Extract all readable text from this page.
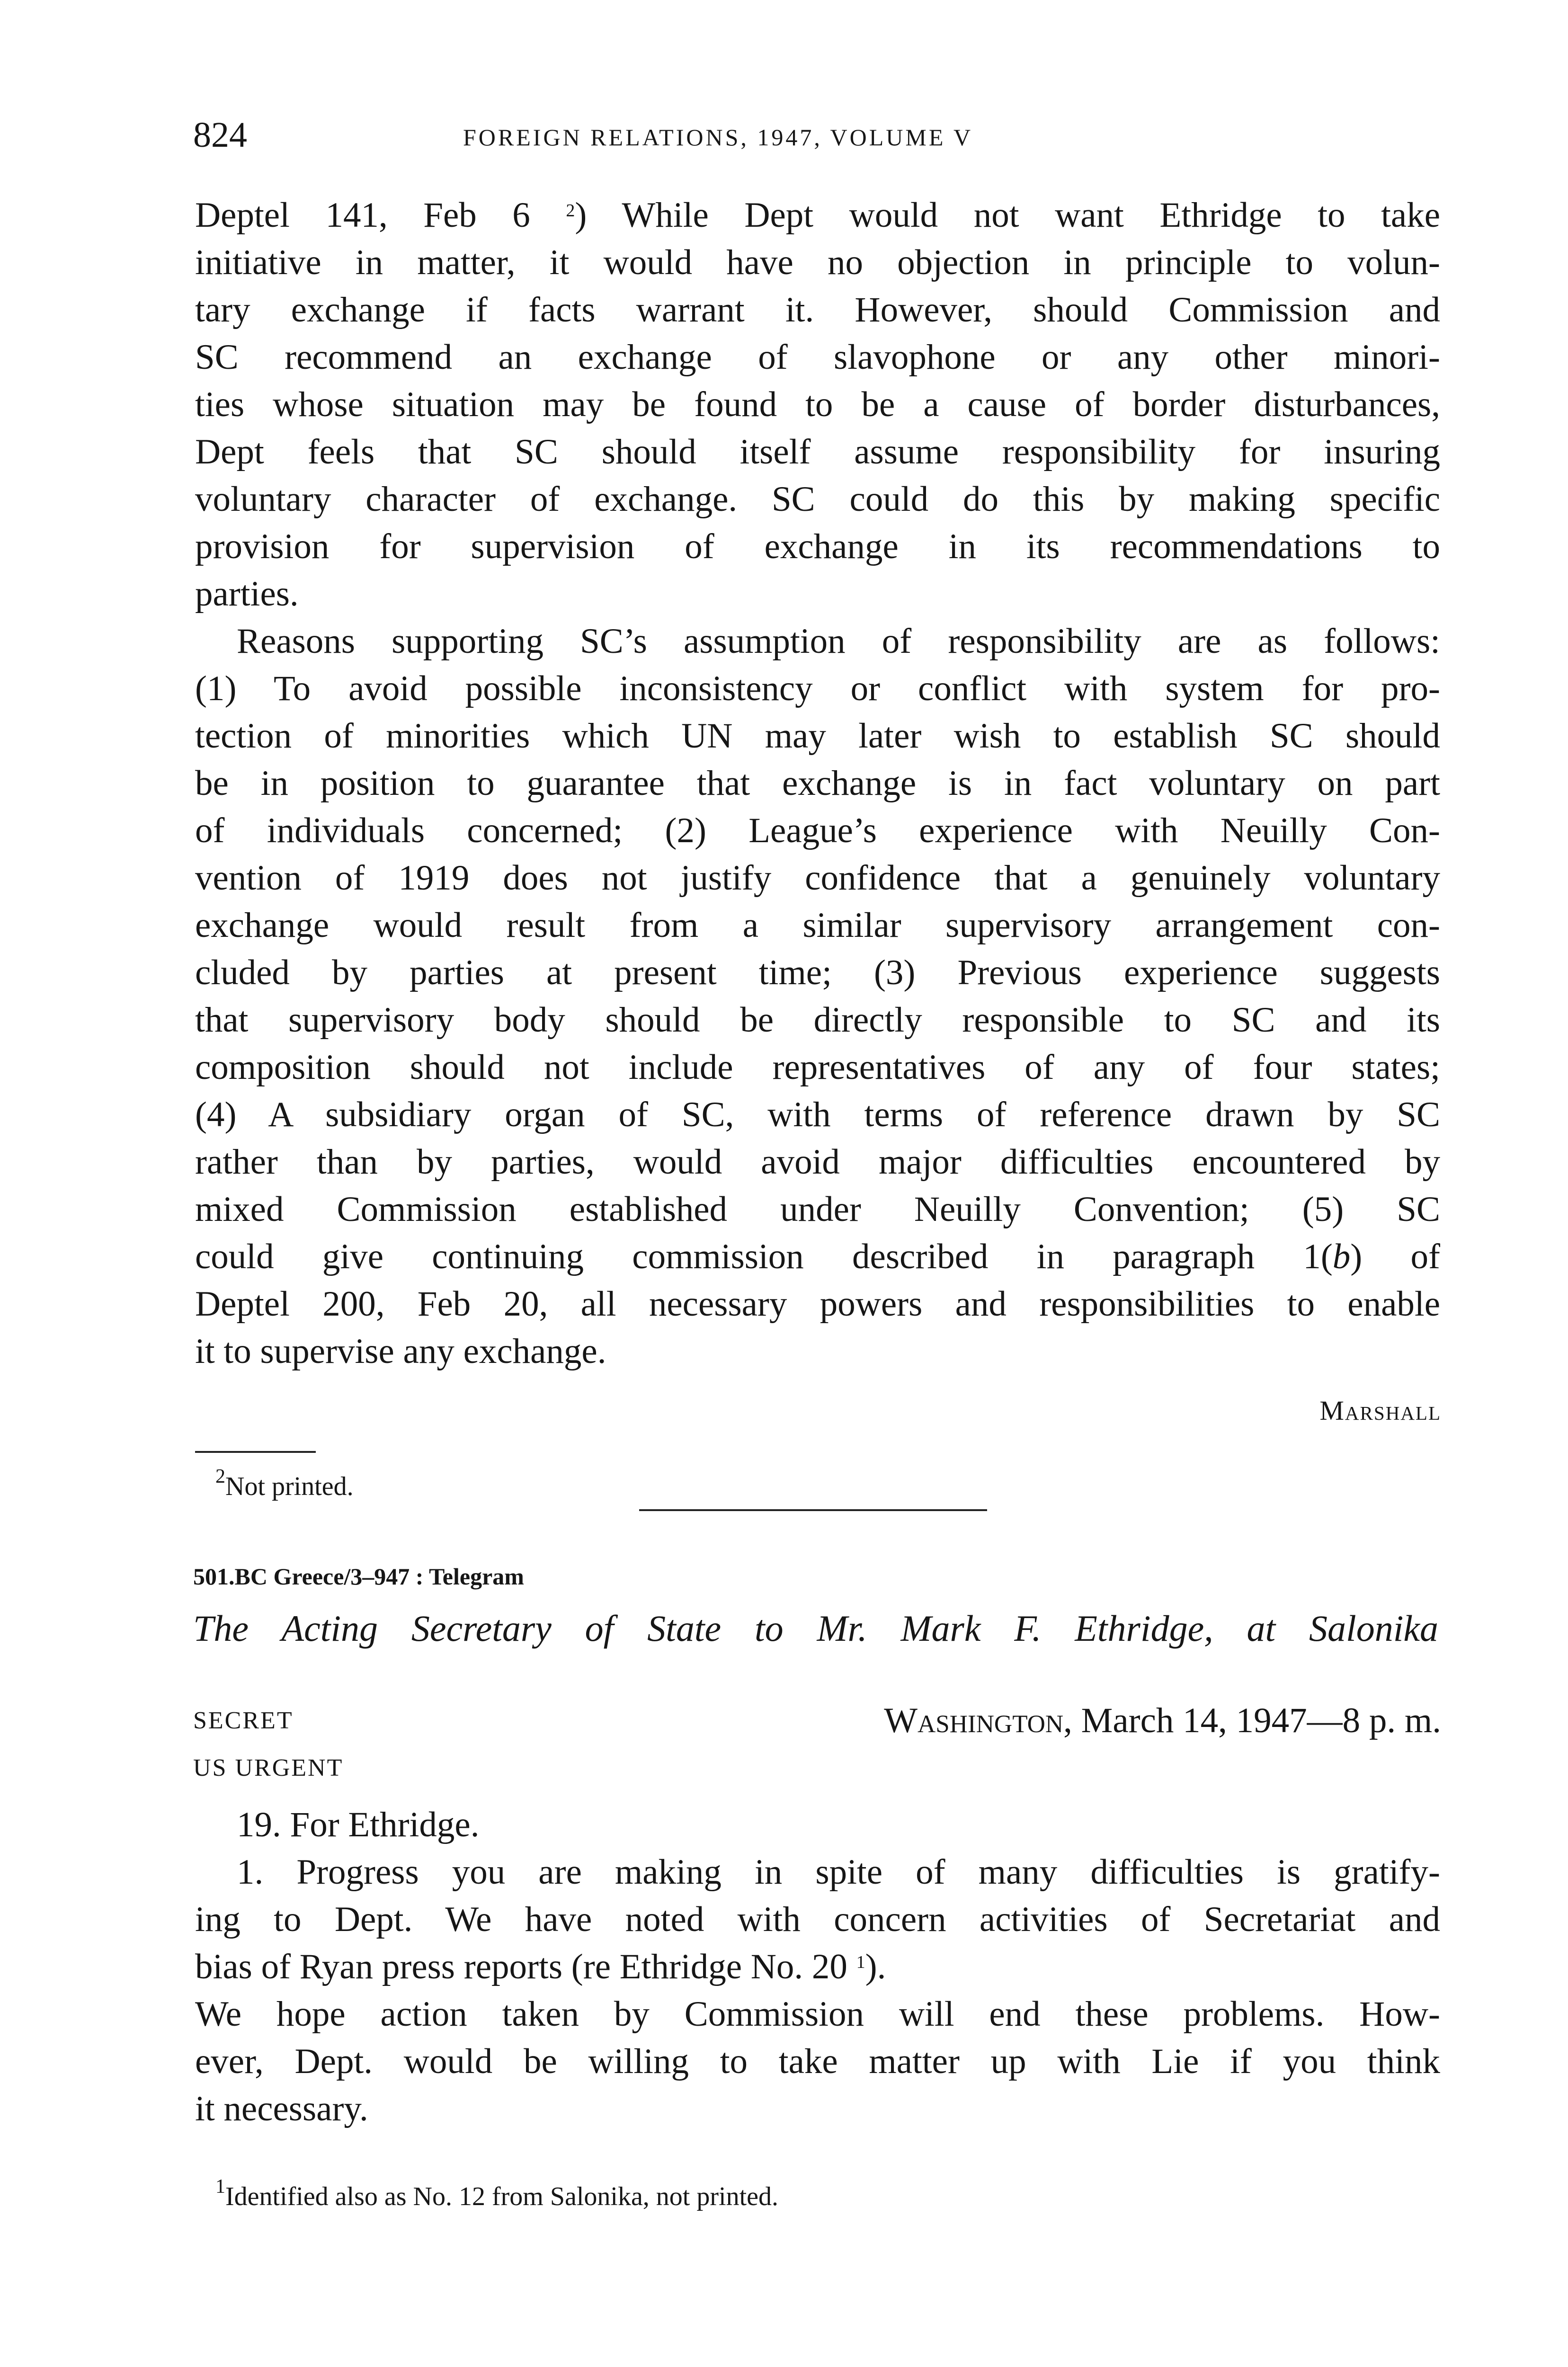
824	FOREIGN RELATIONS, 1947, VOLUME V
Deptel 141, Feb 6 $^2$) While Dept would not want Ethridge to take
initiative in matter, it would have no objection in principle to volun-
tary exchange if facts warrant it. However, should Commission and
SC recommend an exchange of slavophone or any other minori-
ties whose situation may be found to be a cause of border disturbances,
Dept feels that SC should itself assume responsibility for insuring
voluntary character of exchange. SC could do this by making specific
provision for supervision of exchange in its recommendations to
parties.
Reasons supporting SC’s assumption of responsibility are as follows:
(1) To avoid possible inconsistency or conflict with system for pro-
tection of minorities which UN may later wish to establish SC should
be in position to guarantee that exchange is in fact voluntary on part
of individuals concerned; (2) League’s experience with Neuilly Con-
vention of 1919 does not justify confidence that a genuinely voluntary
exchange would result from a similar supervisory arrangement con-
cluded by parties at present time; (3) Previous experience suggests
that supervisory body should be directly responsible to SC and its
composition should not include representatives of any of four states;
(4) A subsidiary organ of SC, with terms of reference drawn by SC
rather than by parties, would avoid major difficulties encountered by
mixed Commission established under Neuilly Convention; (5) SC
could give continuing commission described in paragraph 1(b) of
Deptel 200, Feb 20, all necessary powers and responsibilities to enable
it to supervise any exchange.
Marshall
$^2$Not printed.
501.BC Greece/3–947 : Telegram
The Acting Secretary of State to Mr. Mark F. Ethridge, at Salonika
SECRET
US URGENT
Washington, March 14, 1947—8 p. m.
19. For Ethridge.
1. Progress you are making in spite of many difficulties is gratify-
ing to Dept. We have noted with concern activities of Secretariat and
bias of Ryan press reports (re Ethridge No. 20 $^1$).
We hope action taken by Commission will end these problems. How-
ever, Dept. would be willing to take matter up with Lie if you think
it necessary.
$^1$Identified also as No. 12 from Salonika, not printed.
